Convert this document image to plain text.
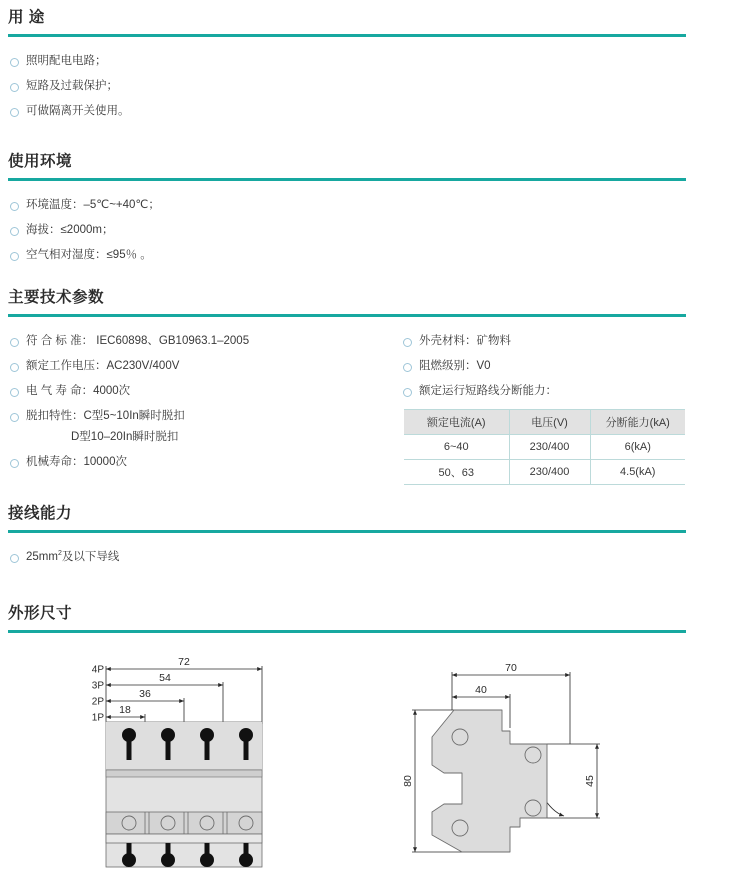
用 途
照明配电电路；
短路及过载保护；
可做隔离开关使用。
使用环境
环境温度：–5℃~+40℃；
海拔：≤2000m；
空气相对湿度：≤95％ 。
主要技术参数
符 合 标 准： IEC60898、GB10963.1–2005
额定工作电压：AC230V/400V
电 气 寿 命：4000次
脱扣特性：C型5~10In瞬时脱扣
D型10–20In瞬时脱扣
机械寿命：10000次
外壳材料：矿物料
阻燃级别：V0
额定运行短路线分断能力：
额定电流(A)	电压(V)	分断能力(kA)
6~40	230/400	6(kA)
50、63	230/400	4.5(kA)
接线能力
$25mm^2$及以下导线
外形尺寸
4P
3P
2P
1P
72
54
36
18
70
40
80	45
